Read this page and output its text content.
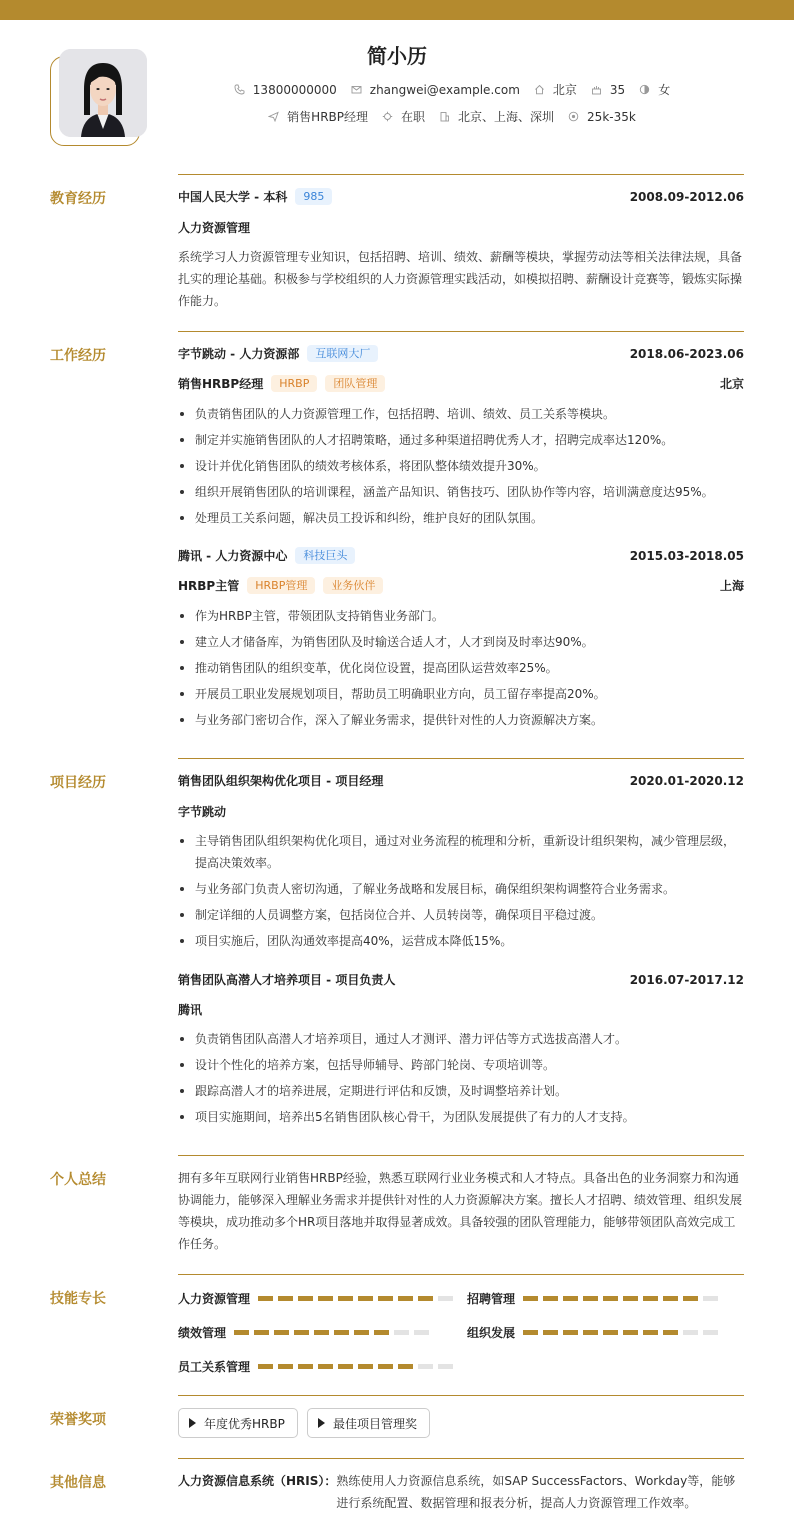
简小历
13800000000	zhangwei@example.com	北京	35	女
销售HRBP经理	在职	北京、上海、深圳	25k-35k
教育经历	中国人民大学 - 本科	985	2008.09-2012.06
人力资源管理
系统学习人力资源管理专业知识，包括招聘、培训、绩效、薪酬等模块，掌握劳动法等相关法律法规，具备扎实的理论基础。积极参与学校组织的人力资源管理实践活动，如模拟招聘、薪酬设计竞赛等，锻炼实际操作能力。
工作经历	字节跳动 - 人力资源部	互联网大厂	2018.06-2023.06
销售HRBP经理	HRBP	团队管理	北京
负责销售团队的人力资源管理工作，包括招聘、培训、绩效、员工关系等模块。
制定并实施销售团队的人才招聘策略，通过多种渠道招聘优秀人才，招聘完成率达120%。
设计并优化销售团队的绩效考核体系，将团队整体绩效提升30%。
组织开展销售团队的培训课程，涵盖产品知识、销售技巧、团队协作等内容，培训满意度达95%。
处理员工关系问题，解决员工投诉和纠纷，维护良好的团队氛围。
腾讯 - 人力资源中心	科技巨头	2015.03-2018.05
HRBP主管	HRBP管理	业务伙伴	上海
作为HRBP主管，带领团队支持销售业务部门。
建立人才储备库，为销售团队及时输送合适人才，人才到岗及时率达90%。
推动销售团队的组织变革，优化岗位设置，提高团队运营效率25%。
开展员工职业发展规划项目，帮助员工明确职业方向，员工留存率提高20%。
与业务部门密切合作，深入了解业务需求，提供针对性的人力资源解决方案。
项目经历	销售团队组织架构优化项目 - 项目经理	2020.01-2020.12
字节跳动
主导销售团队组织架构优化项目，通过对业务流程的梳理和分析，重新设计组织架构，减少管理层级，提高决策效率。
与业务部门负责人密切沟通，了解业务战略和发展目标，确保组织架构调整符合业务需求。
制定详细的人员调整方案，包括岗位合并、人员转岗等，确保项目平稳过渡。
项目实施后，团队沟通效率提高40%，运营成本降低15%。
销售团队高潜人才培养项目 - 项目负责人	2016.07-2017.12
腾讯
负责销售团队高潜人才培养项目，通过人才测评、潜力评估等方式选拔高潜人才。
设计个性化的培养方案，包括导师辅导、跨部门轮岗、专项培训等。
跟踪高潜人才的培养进展，定期进行评估和反馈，及时调整培养计划。
项目实施期间，培养出5名销售团队核心骨干，为团队发展提供了有力的人才支持。
个人总结	拥有多年互联网行业销售HRBP经验，熟悉互联网行业业务模式和人才特点。具备出色的业务洞察力和沟通协调能力，能够深入理解业务需求并提供针对性的人力资源解决方案。擅长人才招聘、绩效管理、组织发展等模块，成功推动多个HR项目落地并取得显著成效。具备较强的团队管理能力，能够带领团队高效完成工作任务。
技能专长	人力资源管理	招聘管理
绩效管理	组织发展
员工关系管理
荣誉奖项	年度优秀HRBP	最佳项目管理奖
其他信息	人力资源信息系统（HRIS）： 熟练使用人力资源信息系统，如SAP SuccessFactors、Workday等，能够进行系统配置、数据管理和报表分析，提高人力资源管理工作效率。
